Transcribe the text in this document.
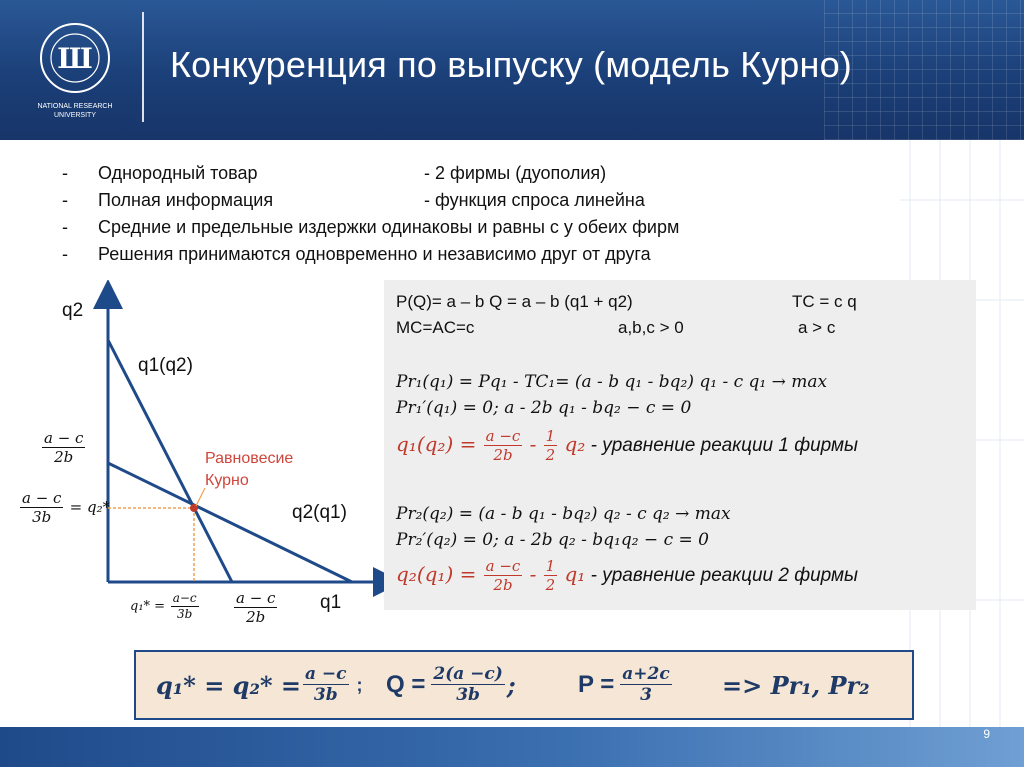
Ш
NATIONAL RESEARCH
UNIVERSITY
Конкуренция по выпуску (модель Курно)
- Однородный товар	- 2 фирмы (дуополия)
- Полная информация	- функция спроса линейна
- Средние и предельные издержки одинаковы и равны с у обеих фирм
- Решения принимаются одновременно и независимо друг от друга
q2
q1
q1(q2)
q2(q1)
Равновесие
Курно
$\frac{a - c}{2b}$
$\frac{a - c}{3b} = q_2*$
$q_1* = \frac{a-c}{3b} \frac{a - c}{2b}$
P(Q)= a – b Q = a – b (q1 + q2)	TC = c q
MC=AC=c	a,b,c > 0	a > c
Pr₁(q₁) = Pq₁ - TC₁= (a - b q₁ - bq₂) q₁ - c q₁ → max
Pr₁′(q₁) = 0; a - 2b q₁ - bq₂ − c = 0
$q_1(q_2) = \frac{a -c}{2b} - \frac{1}{2} q_2$ - уравнение реакции 1 фирмы
Pr₂(q₂) = (a - b q₁ - bq₂) q₂ - c q₂ → max
Pr₂′(q₂) = 0; a - 2b q₂ - bq₁q₂ − c = 0
$q_2(q_1) = \frac{a -c}{2b} - \frac{1}{2} q_1$ - уравнение реакции 2 фирмы
$q_1* = q_2* = \frac{a -c}{3b}$ ; $Q = \frac{2(a -c)}{3b}$ ;	$P = \frac{a+2c}{3} => Pr_1$, Pr₂
9
